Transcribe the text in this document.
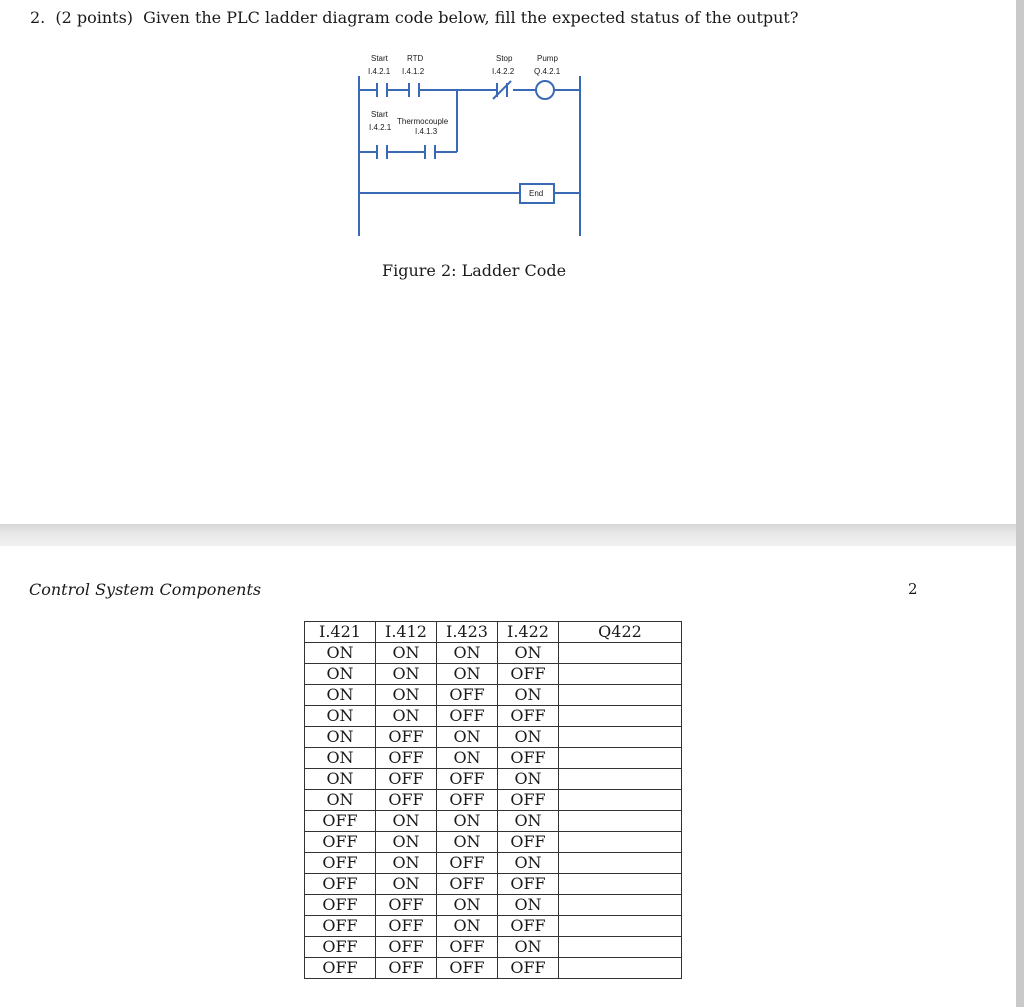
2. (2 points) Given the PLC ladder diagram code below, fill the expected status of the output?
Start
I.4.2.1
RTD
I.4.1.2
Stop
I.4.2.2
Pump
Q.4.2.1
Start
I.4.2.1
Thermocouple
I.4.1.3
End
Figure 2: Ladder Code
Control System Components	2
I.421	I.412	I.423	I.422	Q422
ON	ON	ON	ON	
ON	ON	ON	OFF	
ON	ON	OFF	ON	
ON	ON	OFF	OFF	
ON	OFF	ON	ON	
ON	OFF	ON	OFF	
ON	OFF	OFF	ON	
ON	OFF	OFF	OFF	
OFF	ON	ON	ON	
OFF	ON	ON	OFF	
OFF	ON	OFF	ON	
OFF	ON	OFF	OFF	
OFF	OFF	ON	ON	
OFF	OFF	ON	OFF	
OFF	OFF	OFF	ON	
OFF	OFF	OFF	OFF	
